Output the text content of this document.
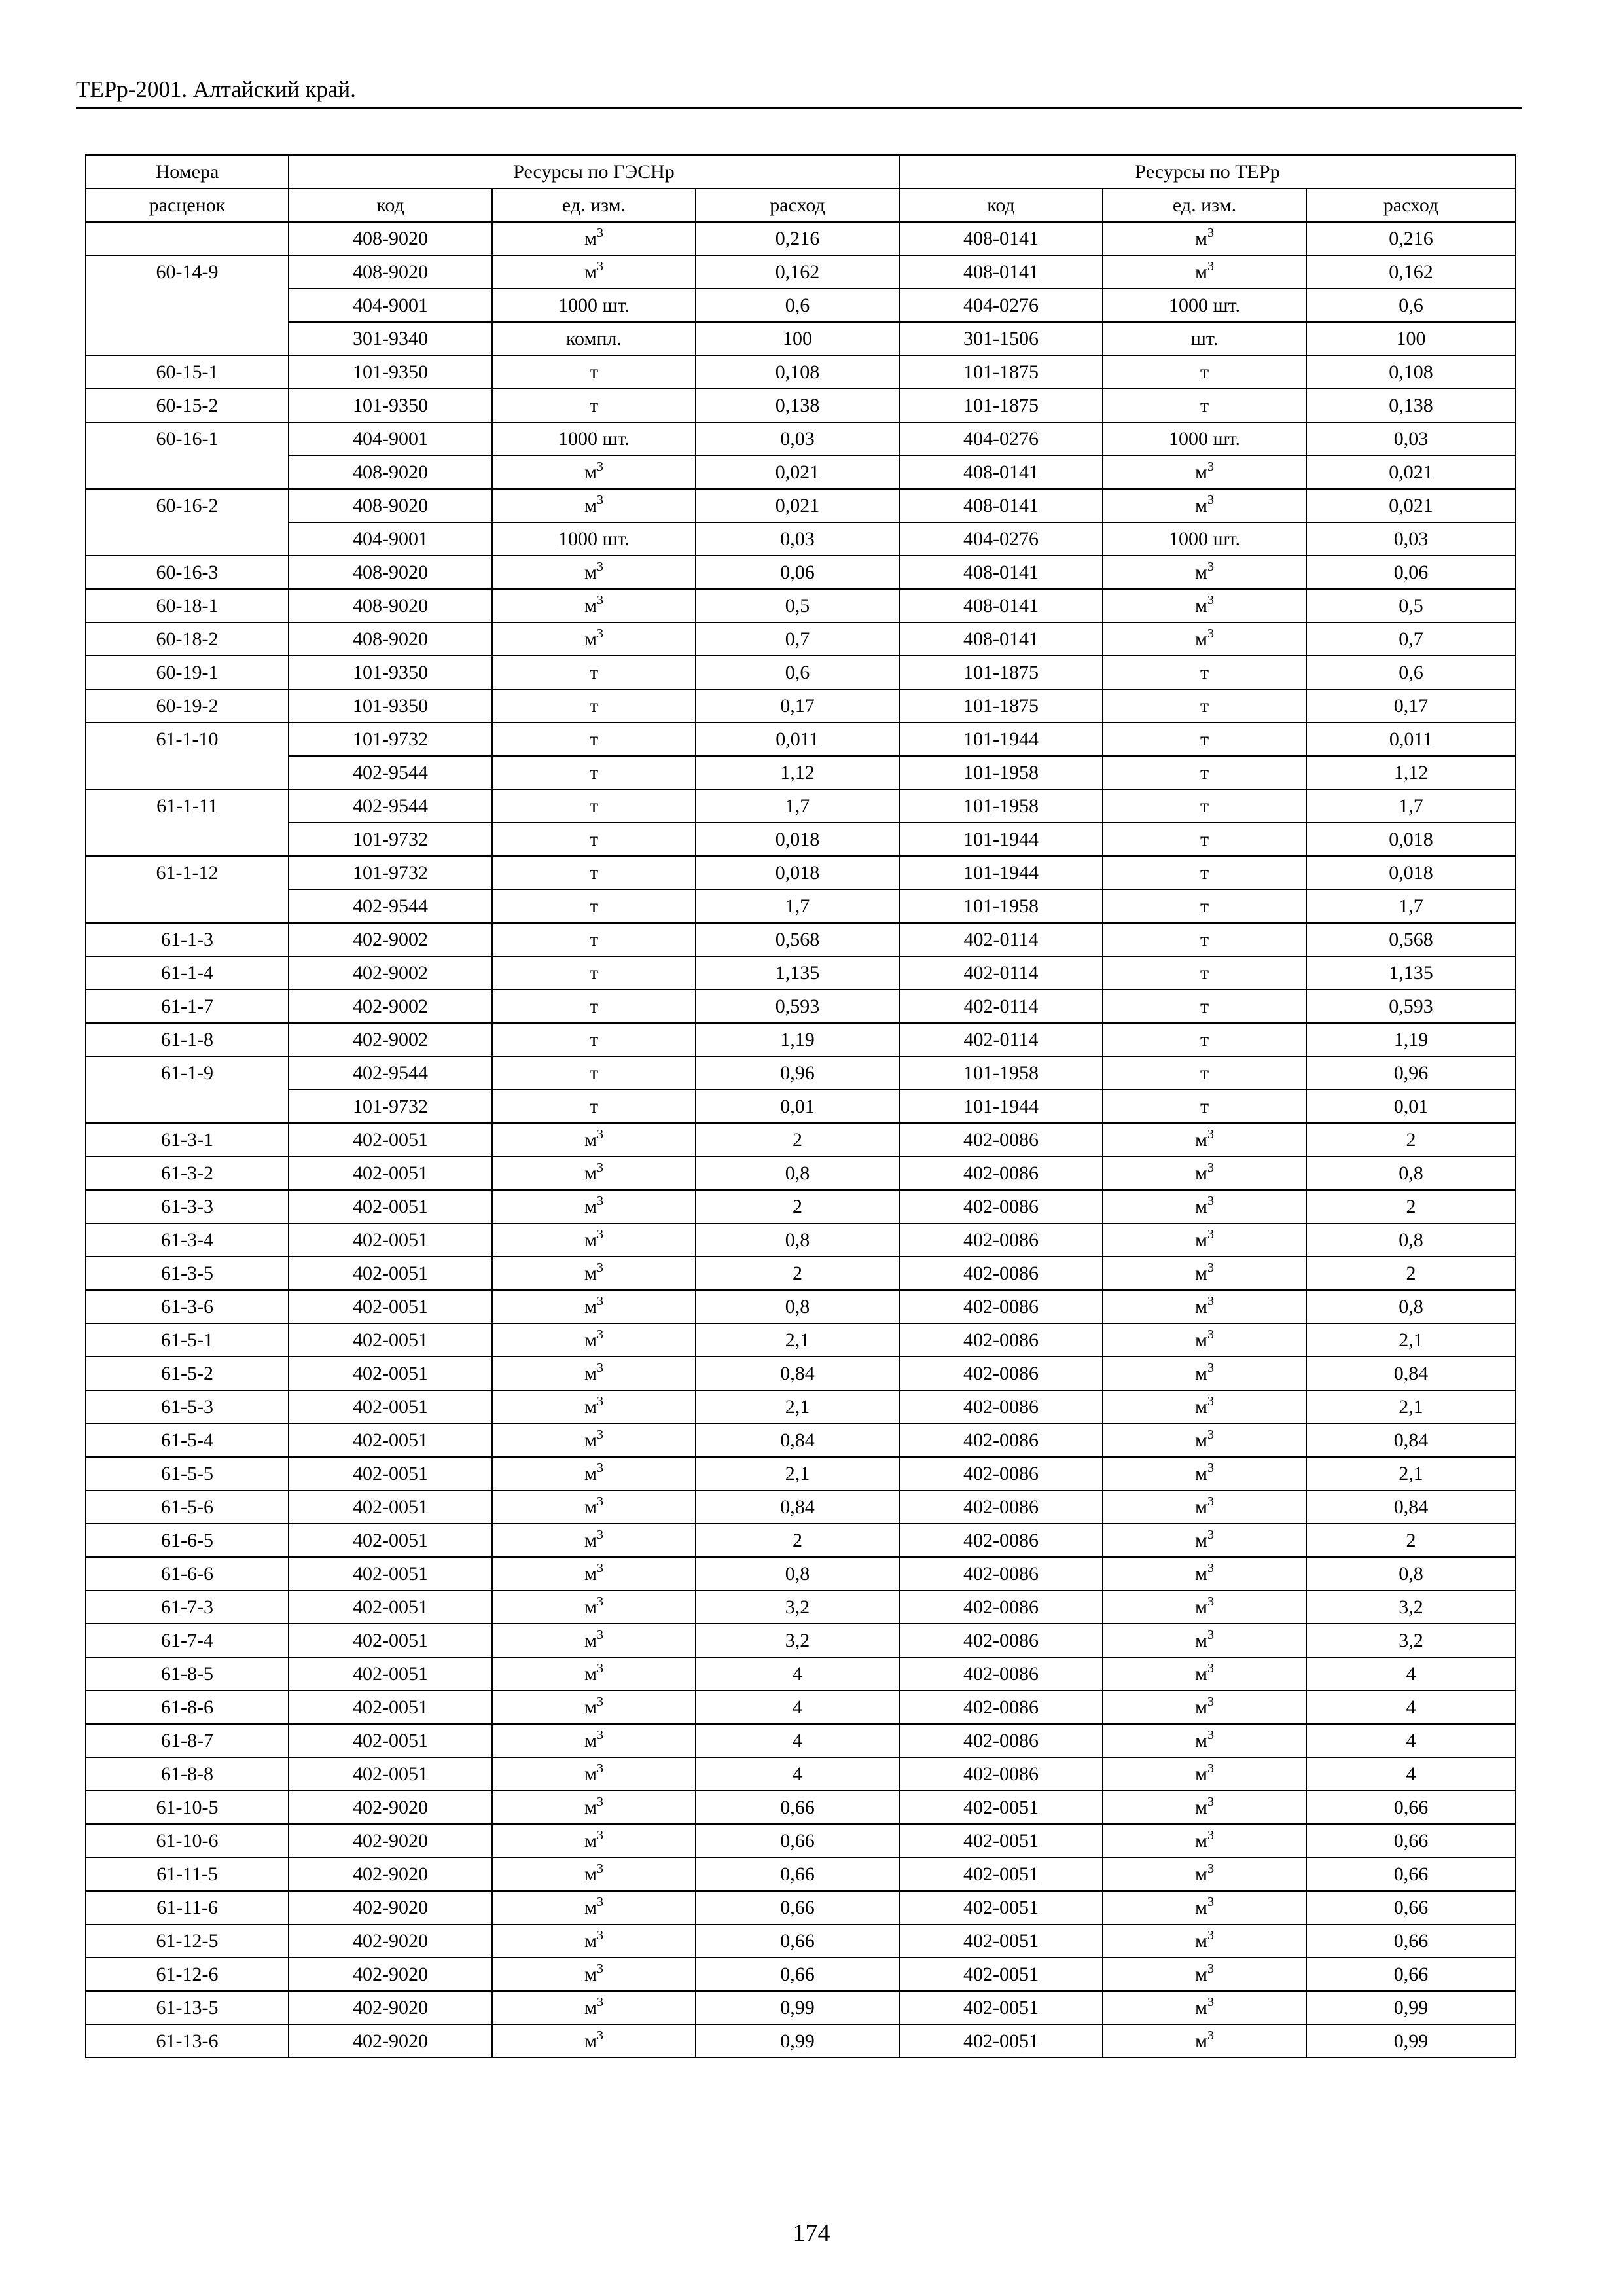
ТЕРр-2001. Алтайский край.
Номера	Ресурсы по ГЭСНр			Ресурсы по ТЕРр		
расценок	код	ед. изм.	расход	код	ед. изм.	расход
	408-9020	$м^3$	0,216	408-0141	$м^3$	0,216
60-14-9	408-9020	$м^3$	0,162	408-0141	$м^3$	0,162
	404-9001	1000 шт.	0,6	404-0276	1000 шт.	0,6
	301-9340	компл.	100	301-1506	шт.	100
60-15-1	101-9350	т	0,108	101-1875	т	0,108
60-15-2	101-9350	т	0,138	101-1875	т	0,138
60-16-1	404-9001	1000 шт.	0,03	404-0276	1000 шт.	0,03
	408-9020	$м^3$	0,021	408-0141	$м^3$	0,021
60-16-2	408-9020	$м^3$	0,021	408-0141	$м^3$	0,021
	404-9001	1000 шт.	0,03	404-0276	1000 шт.	0,03
60-16-3	408-9020	$м^3$	0,06	408-0141	$м^3$	0,06
60-18-1	408-9020	$м^3$	0,5	408-0141	$м^3$	0,5
60-18-2	408-9020	$м^3$	0,7	408-0141	$м^3$	0,7
60-19-1	101-9350	т	0,6	101-1875	т	0,6
60-19-2	101-9350	т	0,17	101-1875	т	0,17
61-1-10	101-9732	т	0,011	101-1944	т	0,011
	402-9544	т	1,12	101-1958	т	1,12
61-1-11	402-9544	т	1,7	101-1958	т	1,7
	101-9732	т	0,018	101-1944	т	0,018
61-1-12	101-9732	т	0,018	101-1944	т	0,018
	402-9544	т	1,7	101-1958	т	1,7
61-1-3	402-9002	т	0,568	402-0114	т	0,568
61-1-4	402-9002	т	1,135	402-0114	т	1,135
61-1-7	402-9002	т	0,593	402-0114	т	0,593
61-1-8	402-9002	т	1,19	402-0114	т	1,19
61-1-9	402-9544	т	0,96	101-1958	т	0,96
	101-9732	т	0,01	101-1944	т	0,01
61-3-1	402-0051	$м^3$	2	402-0086	$м^3$	2
61-3-2	402-0051	$м^3$	0,8	402-0086	$м^3$	0,8
61-3-3	402-0051	$м^3$	2	402-0086	$м^3$	2
61-3-4	402-0051	$м^3$	0,8	402-0086	$м^3$	0,8
61-3-5	402-0051	$м^3$	2	402-0086	$м^3$	2
61-3-6	402-0051	$м^3$	0,8	402-0086	$м^3$	0,8
61-5-1	402-0051	$м^3$	2,1	402-0086	$м^3$	2,1
61-5-2	402-0051	$м^3$	0,84	402-0086	$м^3$	0,84
61-5-3	402-0051	$м^3$	2,1	402-0086	$м^3$	2,1
61-5-4	402-0051	$м^3$	0,84	402-0086	$м^3$	0,84
61-5-5	402-0051	$м^3$	2,1	402-0086	$м^3$	2,1
61-5-6	402-0051	$м^3$	0,84	402-0086	$м^3$	0,84
61-6-5	402-0051	$м^3$	2	402-0086	$м^3$	2
61-6-6	402-0051	$м^3$	0,8	402-0086	$м^3$	0,8
61-7-3	402-0051	$м^3$	3,2	402-0086	$м^3$	3,2
61-7-4	402-0051	$м^3$	3,2	402-0086	$м^3$	3,2
61-8-5	402-0051	$м^3$	4	402-0086	$м^3$	4
61-8-6	402-0051	$м^3$	4	402-0086	$м^3$	4
61-8-7	402-0051	$м^3$	4	402-0086	$м^3$	4
61-8-8	402-0051	$м^3$	4	402-0086	$м^3$	4
61-10-5	402-9020	$м^3$	0,66	402-0051	$м^3$	0,66
61-10-6	402-9020	$м^3$	0,66	402-0051	$м^3$	0,66
61-11-5	402-9020	$м^3$	0,66	402-0051	$м^3$	0,66
61-11-6	402-9020	$м^3$	0,66	402-0051	$м^3$	0,66
61-12-5	402-9020	$м^3$	0,66	402-0051	$м^3$	0,66
61-12-6	402-9020	$м^3$	0,66	402-0051	$м^3$	0,66
61-13-5	402-9020	$м^3$	0,99	402-0051	$м^3$	0,99
61-13-6	402-9020	$м^3$	0,99	402-0051	$м^3$	0,99
174
